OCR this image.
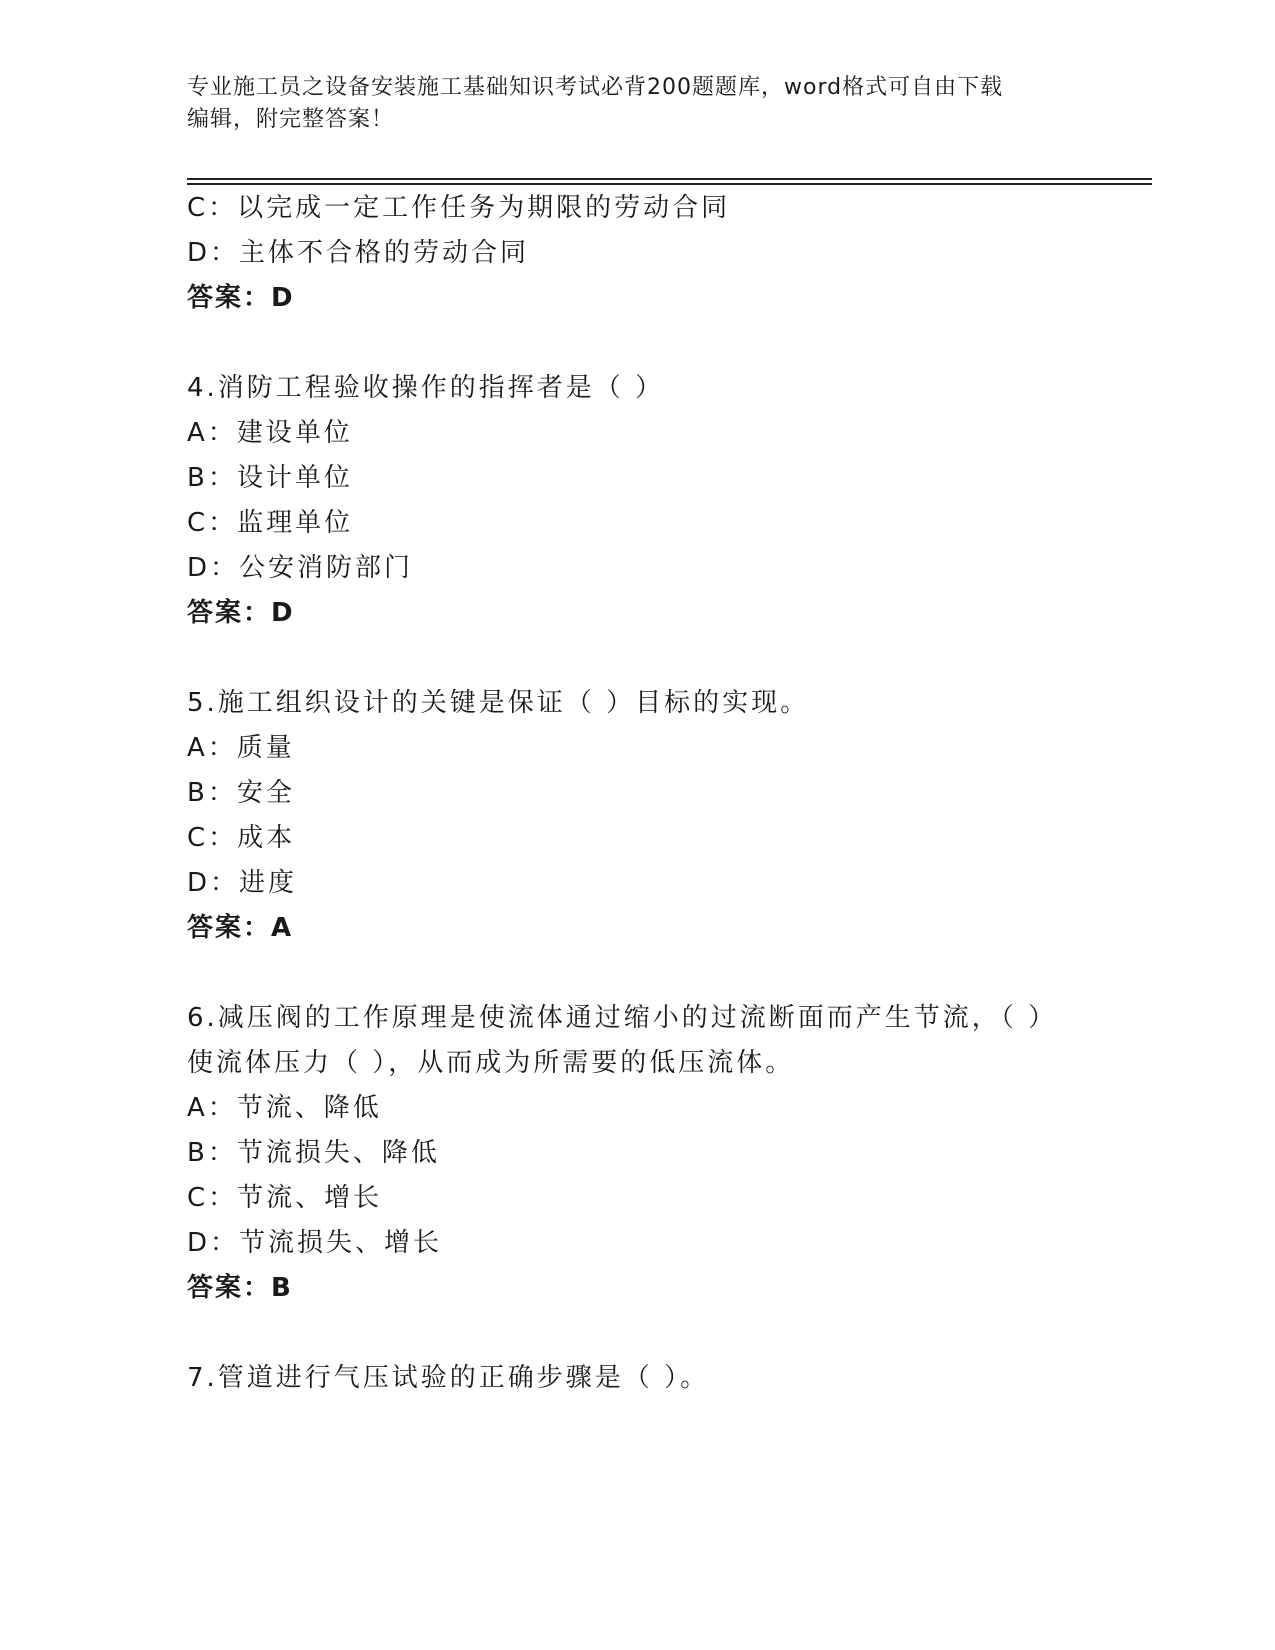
专业施工员之设备安装施工基础知识考试必背200题题库，word格式可自由下载
编辑，附完整答案！
C：以完成一定工作任务为期限的劳动合同
D：主体不合格的劳动合同
答案：D
4.消防工程验收操作的指挥者是（ ）
A：建设单位
B：设计单位
C：监理单位
D：公安消防部门
答案：D
5.施工组织设计的关键是保证（ ）目标的实现。
A：质量
B：安全
C：成本
D：进度
答案：A
6.减压阀的工作原理是使流体通过缩小的过流断面而产生节流，（ ）
使流体压力（ ），从而成为所需要的低压流体。
A：节流、降低
B：节流损失、降低
C：节流、增长
D：节流损失、增长
答案：B
7.管道进行气压试验的正确步骤是（ ）。
